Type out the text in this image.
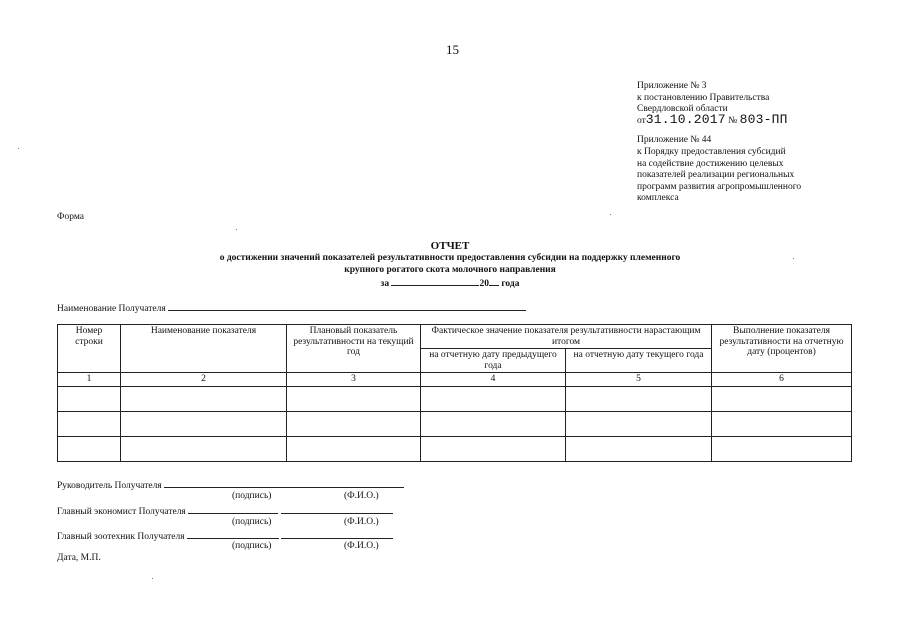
15
Приложение № 3
к постановлению Правительства
Свердловской области
от31.10.2017 № 803-ПП
Приложение № 44
к Порядку предоставления субсидий
на содействие достижению целевых
показателей реализации региональных
программ развития агропромышленного
комплекса
Форма
ОТЧЕТ
о достижении значений показателей результативности предоставления субсидии на поддержку племенного
крупного рогатого скота молочного направления
за	20 года
Наименование Получателя
Номер строки	Наименование показателя	Плановый показатель результативности на текущий год	Фактическое значение показателя результативности нарастающим итогом		Выполнение показателя результативности на отчетную дату (процентов)
			на отчетную дату предыдущего года	на отчетную дату текущего года	
1	2	3	4	5	6

Руководитель Получателя
(подпись)	(Ф.И.О.)
Главный экономист Получателя
(подпись)	(Ф.И.О.)
Главный зоотехник Получателя
(подпись)	(Ф.И.О.)
Дата, М.П.
